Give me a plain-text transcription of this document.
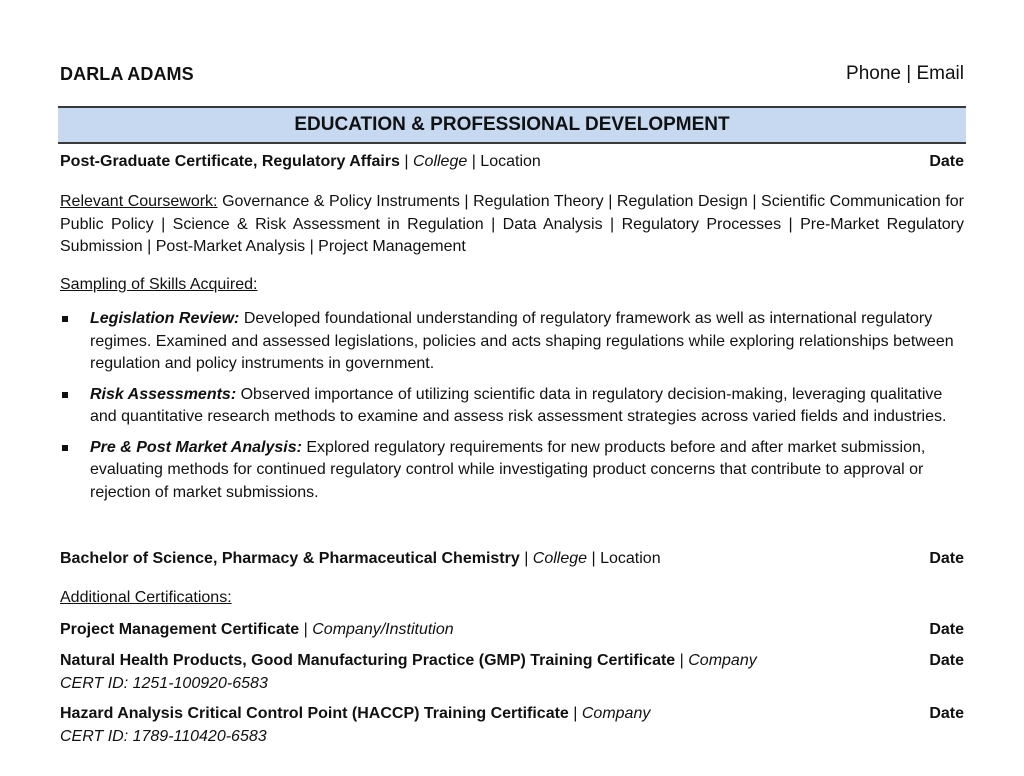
DARLA ADAMS	Phone | Email
EDUCATION & PROFESSIONAL DEVELOPMENT
Post-Graduate Certificate, Regulatory Affairs | College | Location	Date
Relevant Coursework: Governance & Policy Instruments | Regulation Theory | Regulation Design | Scientific Communication for Public Policy | Science & Risk Assessment in Regulation | Data Analysis | Regulatory Processes | Pre-Market Regulatory Submission | Post-Market Analysis | Project Management
Sampling of Skills Acquired:
Legislation Review: Developed foundational understanding of regulatory framework as well as international regulatory regimes. Examined and assessed legislations, policies and acts shaping regulations while exploring relationships between regulation and policy instruments in government.
Risk Assessments: Observed importance of utilizing scientific data in regulatory decision-making, leveraging qualitative and quantitative research methods to examine and assess risk assessment strategies across varied fields and industries.
Pre & Post Market Analysis: Explored regulatory requirements for new products before and after market submission, evaluating methods for continued regulatory control while investigating product concerns that contribute to approval or rejection of market submissions.
Bachelor of Science, Pharmacy & Pharmaceutical Chemistry | College | Location	Date
Additional Certifications:
Project Management Certificate | Company/Institution	Date
Natural Health Products, Good Manufacturing Practice (GMP) Training Certificate | Company	Date
CERT ID: 1251-100920-6583
Hazard Analysis Critical Control Point (HACCP) Training Certificate | Company	Date
CERT ID: 1789-110420-6583
